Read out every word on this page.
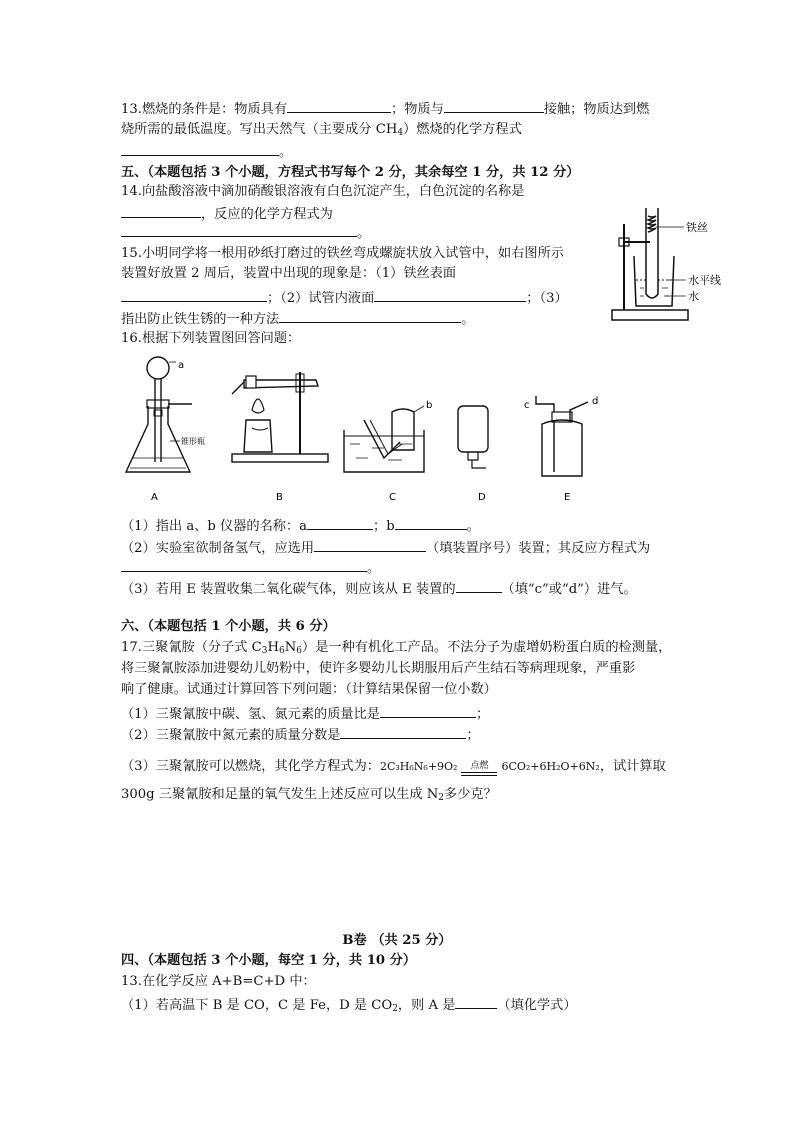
13.燃烧的条件是：物质具有	；物质与	接触；物质达到燃
烧所需的最低温度。写出天然气（主要成分 $CH_4$）燃烧的化学方程式
。
五、（本题包括 3 个小题，方程式书写每个 2 分，其余每空 1 分，共 12 分）
14.向盐酸溶液中滴加硝酸银溶液有白色沉淀产生，白色沉淀的名称是
，反应的化学方程式为
。
15.小明同学将一根用砂纸打磨过的铁丝弯成螺旋状放入试管中，如右图所示
装置好放置 2 周后，装置中出现的现象是：（1）铁丝表面
；（2）试管内液面	；（3）
指出防止铁生锈的一种方法	。
铁丝
水平线
水
16.根据下列装置图回答问题：
a
锥形瓶
A	B
b
C	D
c	d
E
（1）指出 a、b 仪器的名称：a	；b	。
（2）实验室欲制备氢气，应选用	（填装置序号）装置；其反应方程式为
。
（3）若用 E 装置收集二氧化碳气体，则应该从 E 装置的	（填“c”或“d”）进气。
六、（本题包括 1 个小题，共 6 分）
17.三聚氰胺（分子式 $C_3H_6N_6$）是一种有机化工产品。不法分子为虚增奶粉蛋白质的检测量，
将三聚氰胺添加进婴幼儿奶粉中，使许多婴幼儿长期服用后产生结石等病理现象，严重影
响了健康。试通过计算回答下列问题：（计算结果保留一位小数）
（1）三聚氰胺中碳、氢、氮元素的质量比是	；
（2）三聚氰胺中氮元素的质量分数是	；
（3）三聚氰胺可以燃烧，其化学方程式为：2C₃H₆N₆+9O₂ 点燃 6CO₂+6H₂O+6N₂，试计算取
300g 三聚氰胺和足量的氧气发生上述反应可以生成 $N_2$多少克？
B卷 （共 25 分）
四、（本题包括 3 个小题，每空 1 分，共 10 分）
13.在化学反应 A+B=C+D 中：
（1）若高温下 B 是 CO，C 是 Fe，D 是 $CO_2$，则 A 是	（填化学式）
